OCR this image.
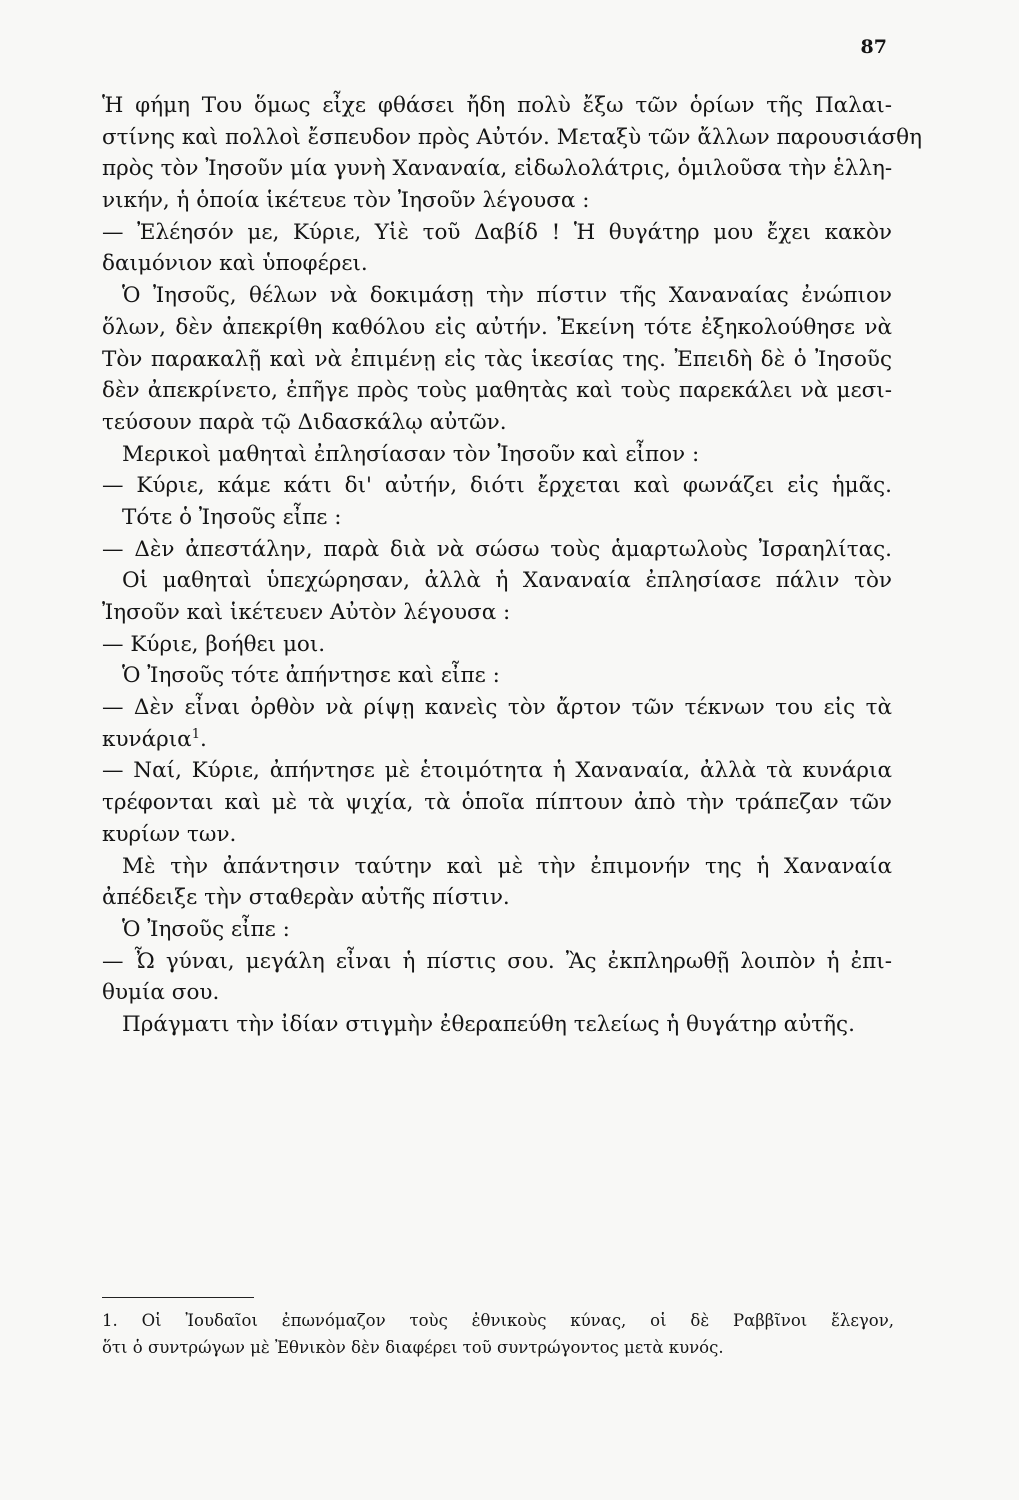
87
Ἡ φήμη Του ὅμως εἶχε φθάσει ἤδη πολὺ ἔξω τῶν ὁρίων τῆς Παλαι-
στίνης καὶ πολλοὶ ἔσπευδον πρὸς Αὐτόν. Μεταξὺ τῶν ἄλλων παρουσιάσθη
πρὸς τὸν Ἰησοῦν μία γυνὴ Χαναναία, εἰδωλολάτρις, ὁμιλοῦσα τὴν ἑλλη-
νικήν, ἡ ὁποία ἱκέτευε τὸν Ἰησοῦν λέγουσα :
— Ἐλέησόν με, Κύριε, Υἱὲ τοῦ Δαβίδ ! Ἡ θυγάτηρ μου ἔχει κακὸν
δαιμόνιον καὶ ὑποφέρει.
Ὁ Ἰησοῦς, θέλων νὰ δοκιμάσῃ τὴν πίστιν τῆς Χαναναίας ἐνώπιον
ὅλων, δὲν ἀπεκρίθη καθόλου εἰς αὐτήν. Ἐκείνη τότε ἐξηκολούθησε νὰ
Τὸν παρακαλῇ καὶ νὰ ἐπιμένῃ εἰς τὰς ἱκεσίας της. Ἐπειδὴ δὲ ὁ Ἰησοῦς
δὲν ἀπεκρίνετο, ἐπῆγε πρὸς τοὺς μαθητὰς καὶ τοὺς παρεκάλει νὰ μεσι-
τεύσουν παρὰ τῷ Διδασκάλῳ αὐτῶν.
Μερικοὶ μαθηταὶ ἐπλησίασαν τὸν Ἰησοῦν καὶ εἶπον :
— Κύριε, κάμε κάτι δι' αὐτήν, διότι ἔρχεται καὶ φωνάζει εἰς ἡμᾶς.
Τότε ὁ Ἰησοῦς εἶπε :
— Δὲν ἀπεστάλην, παρὰ διὰ νὰ σώσω τοὺς ἁμαρτωλοὺς Ἰσραηλίτας.
Οἱ μαθηταὶ ὑπεχώρησαν, ἀλλὰ ἡ Χαναναία ἐπλησίασε πάλιν τὸν
Ἰησοῦν καὶ ἱκέτευεν Αὐτὸν λέγουσα :
— Κύριε, βοήθει μοι.
Ὁ Ἰησοῦς τότε ἀπήντησε καὶ εἶπε :
— Δὲν εἶναι ὀρθὸν νὰ ρίψῃ κανεὶς τὸν ἄρτον τῶν τέκνων του εἰς τὰ
κυνάρια$^1$.
— Ναί, Κύριε, ἀπήντησε μὲ ἑτοιμότητα ἡ Χαναναία, ἀλλὰ τὰ κυνάρια
τρέφονται καὶ μὲ τὰ ψιχία, τὰ ὁποῖα πίπτουν ἀπὸ τὴν τράπεζαν τῶν
κυρίων των.
Μὲ τὴν ἀπάντησιν ταύτην καὶ μὲ τὴν ἐπιμονήν της ἡ Χαναναία
ἀπέδειξε τὴν σταθερὰν αὐτῆς πίστιν.
Ὁ Ἰησοῦς εἶπε :
— Ὦ γύναι, μεγάλη εἶναι ἡ πίστις σου. Ἂς ἐκπληρωθῇ λοιπὸν ἡ ἐπι-
θυμία σου.
Πράγματι τὴν ἰδίαν στιγμὴν ἐθεραπεύθη τελείως ἡ θυγάτηρ αὐτῆς.
1. Οἱ Ἰουδαῖοι ἐπωνόμαζον τοὺς ἐθνικοὺς κύνας, οἱ δὲ Ραββῖνοι ἔλεγον,
ὅτι ὁ συντρώγων μὲ Ἐθνικὸν δὲν διαφέρει τοῦ συντρώγοντος μετὰ κυνός.
